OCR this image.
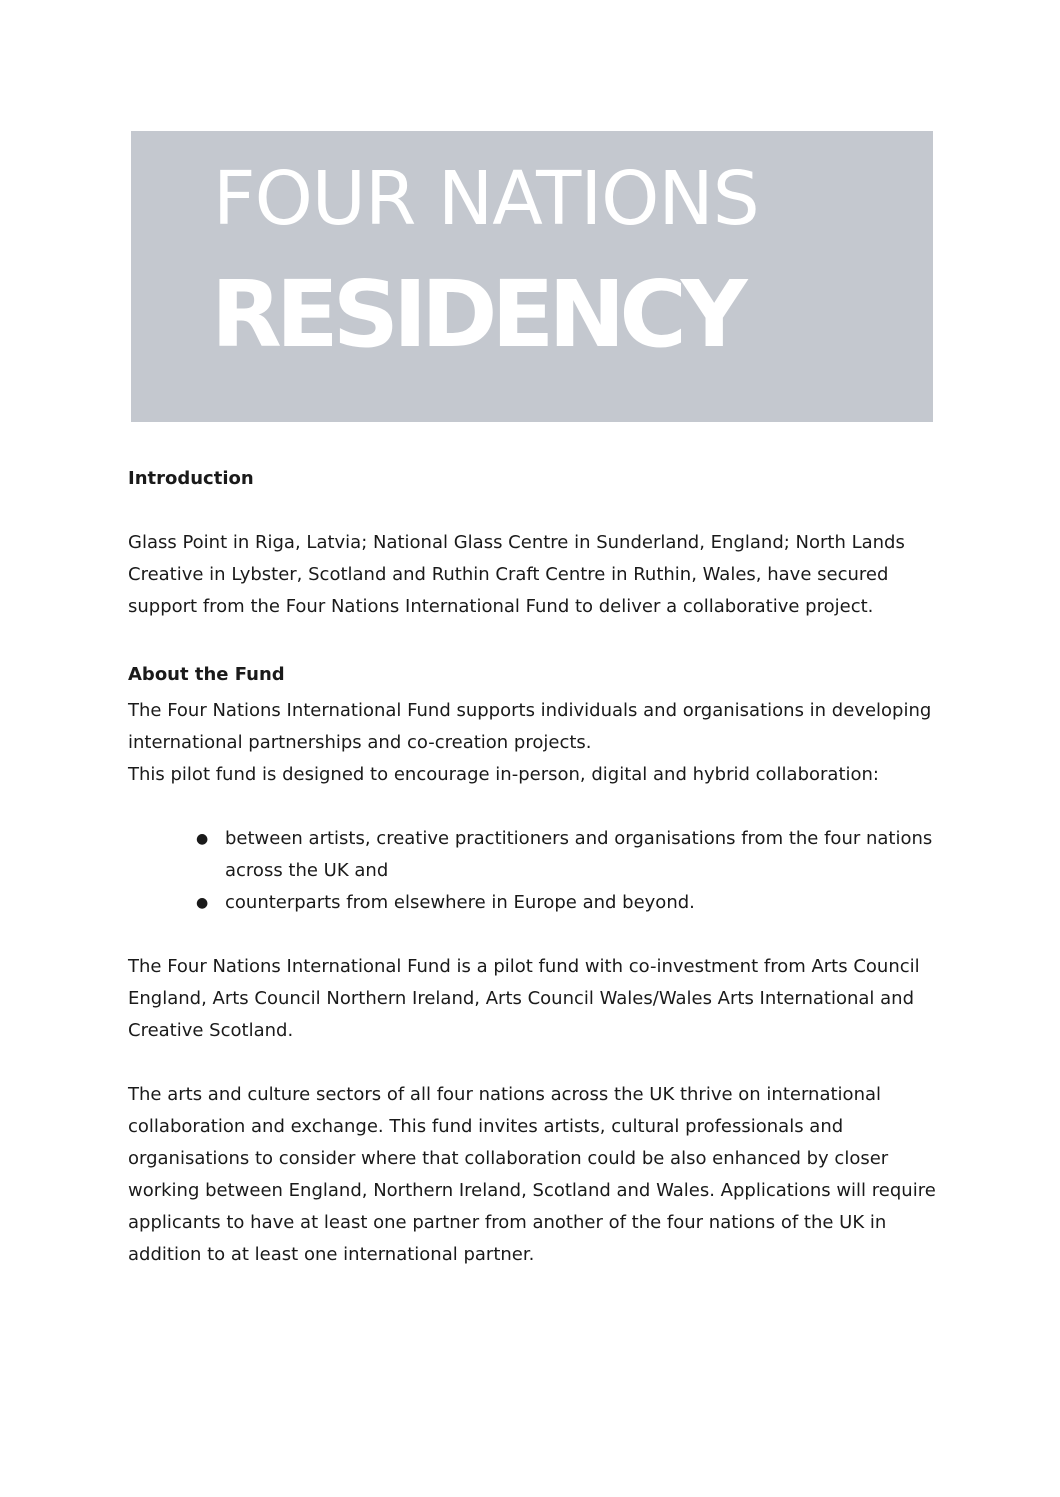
FOUR NATIONS
RESIDENCY
Introduction

Glass Point in Riga, Latvia; National Glass Centre in Sunderland, England; North Lands Creative in Lybster, Scotland and Ruthin Craft Centre in Ruthin, Wales, have secured support from the Four Nations International Fund to deliver a collaborative project.

About the Fund

The Four Nations International Fund supports individuals and organisations in developing international partnerships and co-creation projects.

This pilot fund is designed to encourage in-person, digital and hybrid collaboration:

● between artists, creative practitioners and organisations from the four nations across the UK and
● counterparts from elsewhere in Europe and beyond.

The Four Nations International Fund is a pilot fund with co-investment from Arts Council England, Arts Council Northern Ireland, Arts Council Wales/Wales Arts International and Creative Scotland.

The arts and culture sectors of all four nations across the UK thrive on international collaboration and exchange. This fund invites artists, cultural professionals and organisations to consider where that collaboration could be also enhanced by closer working between England, Northern Ireland, Scotland and Wales. Applications will require applicants to have at least one partner from another of the four nations of the UK in addition to at least one international partner.
